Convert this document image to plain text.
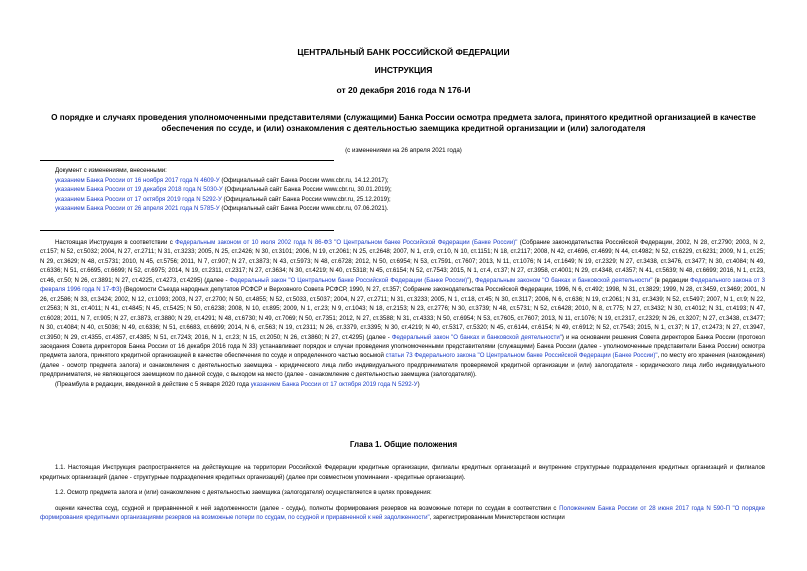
ЦЕНТРАЛЬНЫЙ БАНК РОССИЙСКОЙ ФЕДЕРАЦИИ
ИНСТРУКЦИЯ
от 20 декабря 2016 года N 176-И
О порядке и случаях проведения уполномоченными представителями (служащими) Банка России осмотра предмета залога, принятого кредитной организацией в качестве обеспечения по ссуде, и (или) ознакомления с деятельностью заемщика кредитной организации и (или) залогодателя
(с изменениями на 26 апреля 2021 года)
Документ с изменениями, внесенными:
указанием Банка России от 16 ноября 2017 года N 4609-У (Официальный сайт Банка России www.cbr.ru, 14.12.2017);
указанием Банка России от 19 декабря 2018 года N 5030-У (Официальный сайт Банка России www.cbr.ru, 30.01.2019);
указанием Банка России от 17 октября 2019 года N 5292-У (Официальный сайт Банка России www.cbr.ru, 25.12.2019);
указанием Банка России от 26 апреля 2021 года N 5785-У (Официальный сайт Банка России www.cbr.ru, 07.06.2021).

Настоящая Инструкция в соответствии с Федеральным законом от 10 июля 2002 года N 86-ФЗ "О Центральном банке Российской Федерации (Банке России)" (Собрание законодательства Российской Федерации, 2002, N 28, ст.2790; 2003, N 2, ст.157; N 52, ст.5032; 2004, N 27, ст.2711; N 31, ст.3233; 2005, N 25, ст.2426; N 30, ст.3101; 2006, N 19, ст.2061; N 25, ст.2648; 2007, N 1, ст.9, ст.10, N 10, ст.1151; N 18, ст.2117; 2008, N 42, ст.4696, ст.4699; N 44, ст.4982; N 52, ст.6229, ст.6231; 2009, N 1, ст.25; N 29, ст.3629; N 48, ст.5731; 2010, N 45, ст.5756; 2011, N 7, ст.907; N 27, ст.3873; N 43, ст.5973; N 48, ст.6728; 2012, N 50, ст.6954; N 53, ст.7591, ст.7607; 2013, N 11, ст.1076; N 14, ст.1649; N 19, ст.2329; N 27, ст.3438, ст.3476, ст.3477; N 30, ст.4084; N 49, ст.6336; N 51, ст.6695, ст.6699; N 52, ст.6975; 2014, N 19, ст.2311, ст.2317; N 27, ст.3634; N 30, ст.4219; N 40, ст.5318; N 45, ст.6154; N 52, ст.7543; 2015, N 1, ст.4, ст.37; N 27, ст.3958, ст.4001; N 29, ст.4348, ст.4357; N 41, ст.5639; N 48, ст.6699; 2016, N 1, ст.23, ст.46, ст.50; N 26, ст.3891; N 27, ст.4225, ст.4273, ст.4295) (далее - Федеральный закон "О Центральном банке Российской Федерации (Банке России)"), Федеральным законом "О банках и банковской деятельности" (в редакции Федерального закона от 3 февраля 1996 года N 17-ФЗ) (Ведомости Съезда народных депутатов РСФСР и Верховного Совета РСФСР, 1990, N 27, ст.357; Собрание законодательства Российской Федерации, 1996, N 6, ст.492; 1998, N 31, ст.3829; 1999, N 28, ст.3459, ст.3469; 2001, N 26, ст.2586; N 33, ст.3424; 2002, N 12, ст.1093; 2003, N 27, ст.2700; N 50, ст.4855; N 52, ст.5033, ст.5037; 2004, N 27, ст.2711; N 31, ст.3233; 2005, N 1, ст.18, ст.45; N 30, ст.3117; 2006, N 6, ст.636; N 19, ст.2061; N 31, ст.3439; N 52, ст.5497; 2007, N 1, ст.9; N 22, ст.2563; N 31, ст.4011; N 41, ст.4845; N 45, ст.5425; N 50, ст.6238; 2008, N 10, ст.895; 2009, N 1, ст.23; N 9, ст.1043; N 18, ст.2153; N 23, ст.2776; N 30, ст.3739; N 48, ст.5731; N 52, ст.6428; 2010, N 8, ст.775; N 27, ст.3432; N 30, ст.4012; N 31, ст.4193; N 47, ст.6028; 2011, N 7, ст.905; N 27, ст.3873, ст.3880; N 29, ст.4291; N 48, ст.6730; N 49, ст.7069; N 50, ст.7351; 2012, N 27, ст.3588; N 31, ст.4333; N 50, ст.6954; N 53, ст.7605, ст.7607; 2013, N 11, ст.1076; N 19, ст.2317, ст.2329; N 26, ст.3207; N 27, ст.3438, ст.3477; N 30, ст.4084; N 40, ст.5036; N 49, ст.6336; N 51, ст.6683, ст.6699; 2014, N 6, ст.563; N 19, ст.2311; N 26, ст.3379, ст.3395; N 30, ст.4219; N 40, ст.5317, ст.5320; N 45, ст.6144, ст.6154; N 49, ст.6912; N 52, ст.7543; 2015, N 1, ст.37; N 17, ст.2473; N 27, ст.3947, ст.3950; N 29, ст.4355, ст.4357, ст.4385; N 51, ст.7243; 2016, N 1, ст.23; N 15, ст.2050; N 26, ст.3860; N 27, ст.4295) (далее - Федеральный закон "О банках и банковской деятельности") и на основании решения Совета директоров Банка России (протокол заседания Совета директоров Банка России от 16 декабря 2016 года N 33) устанавливает порядок и случаи проведения уполномоченными представителями (служащими) Банка России (далее - уполномоченные представители Банка России) осмотра предмета залога, принятого кредитной организацией в качестве обеспечения по ссуде и определенного частью восьмой статьи 73 Федерального закона "О Центральном банке Российской Федерации (Банке России)", по месту его хранения (нахождения) (далее - осмотр предмета залога) и ознакомления с деятельностью заемщика - юридического лица либо индивидуального предпринимателя проверяемой кредитной организации и (или) залогодателя - юридического лица либо индивидуального предпринимателя, не являющегося заемщиком по данной ссуде, с выходом на место (далее - ознакомление с деятельностью заемщика (залогодателя)).

(Преамбула в редакции, введенной в действие с 5 января 2020 года указанием Банка России от 17 октября 2019 года N 5292-У)

Глава 1. Общие положения

1.1. Настоящая Инструкция распространяется на действующие на территории Российской Федерации кредитные организации, филиалы кредитных организаций и внутренние структурные подразделения кредитных организаций и филиалов кредитных организаций (далее - структурные подразделения кредитных организаций) (далее при совместном упоминании - кредитные организации).

1.2. Осмотр предмета залога и (или) ознакомление с деятельностью заемщика (залогодателя) осуществляется в целях проведения:

оценки качества ссуд, ссудной и приравненной к ней задолженности (далее - ссуды), полноты формирования резервов на возможные потери по ссудам в соответствии с Положением Банка России от 28 июня 2017 года N 590-П "О порядке формирования кредитными организациями резервов на возможные потери по ссудам, по ссудной и приравненной к ней задолженности", зарегистрированным Министерством юстиции
